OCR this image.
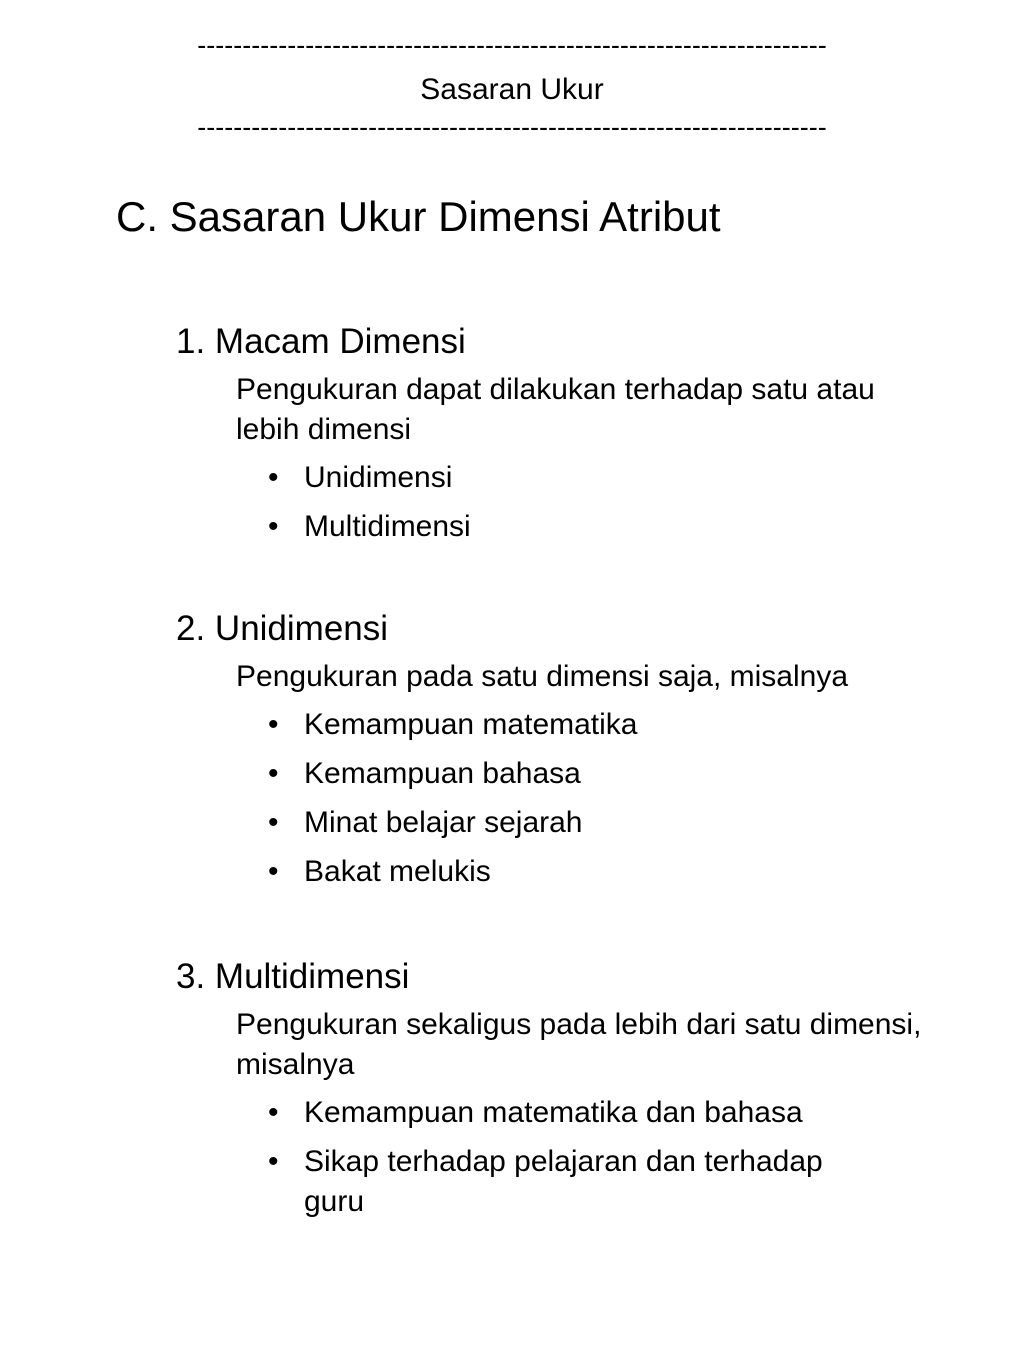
----------------------------------------------------------------------
Sasaran Ukur
----------------------------------------------------------------------
C. Sasaran Ukur Dimensi Atribut
1. Macam Dimensi
Pengukuran dapat dilakukan terhadap satu atau lebih dimensi
• Unidimensi
• Multidimensi
2. Unidimensi
Pengukuran pada satu dimensi saja, misalnya
• Kemampuan matematika
• Kemampuan bahasa
• Minat belajar sejarah
• Bakat melukis
3. Multidimensi
Pengukuran sekaligus pada lebih dari satu dimensi, misalnya
• Kemampuan matematika dan bahasa
• Sikap terhadap pelajaran dan terhadap guru
